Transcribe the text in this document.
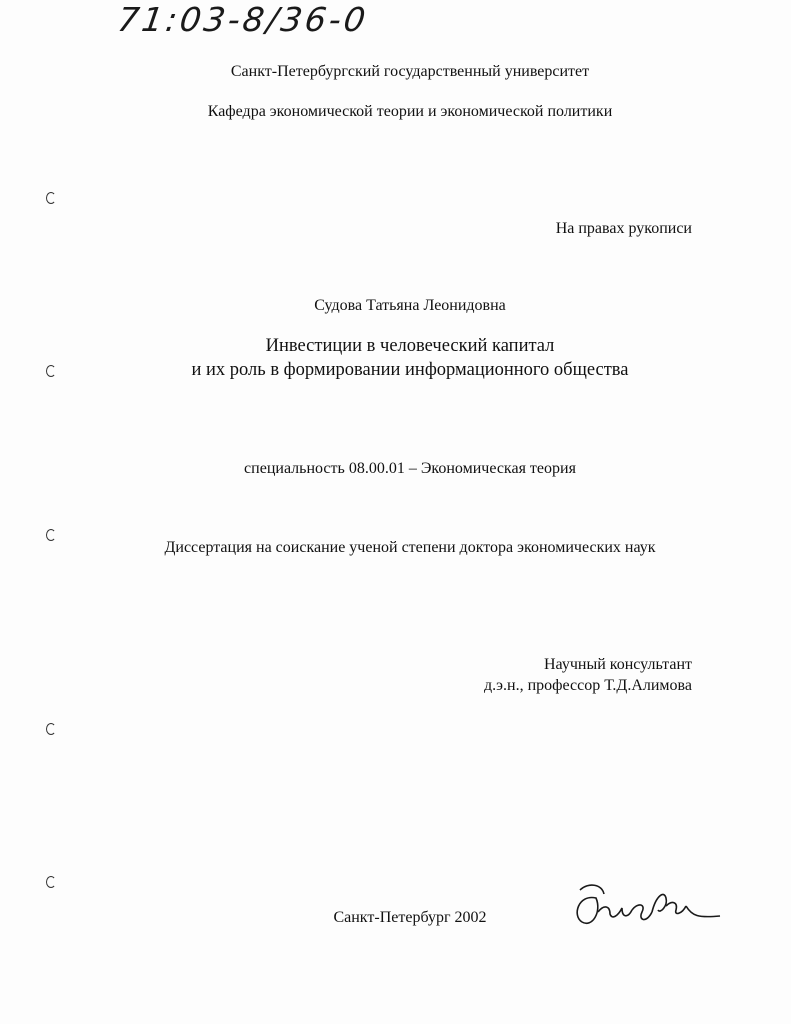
71:03-8/36-0
Санкт-Петербургский государственный университет
Кафедра экономической теории и экономической политики
На правах рукописи
Судова Татьяна Леонидовна
Инвестиции в человеческий капитал
и их роль в формировании информационного общества
специальность 08.00.01 – Экономическая теория
Диссертация на соискание ученой степени доктора экономических наук
Научный консультант
д.э.н., профессор Т.Д.Алимова
Санкт-Петербург 2002
